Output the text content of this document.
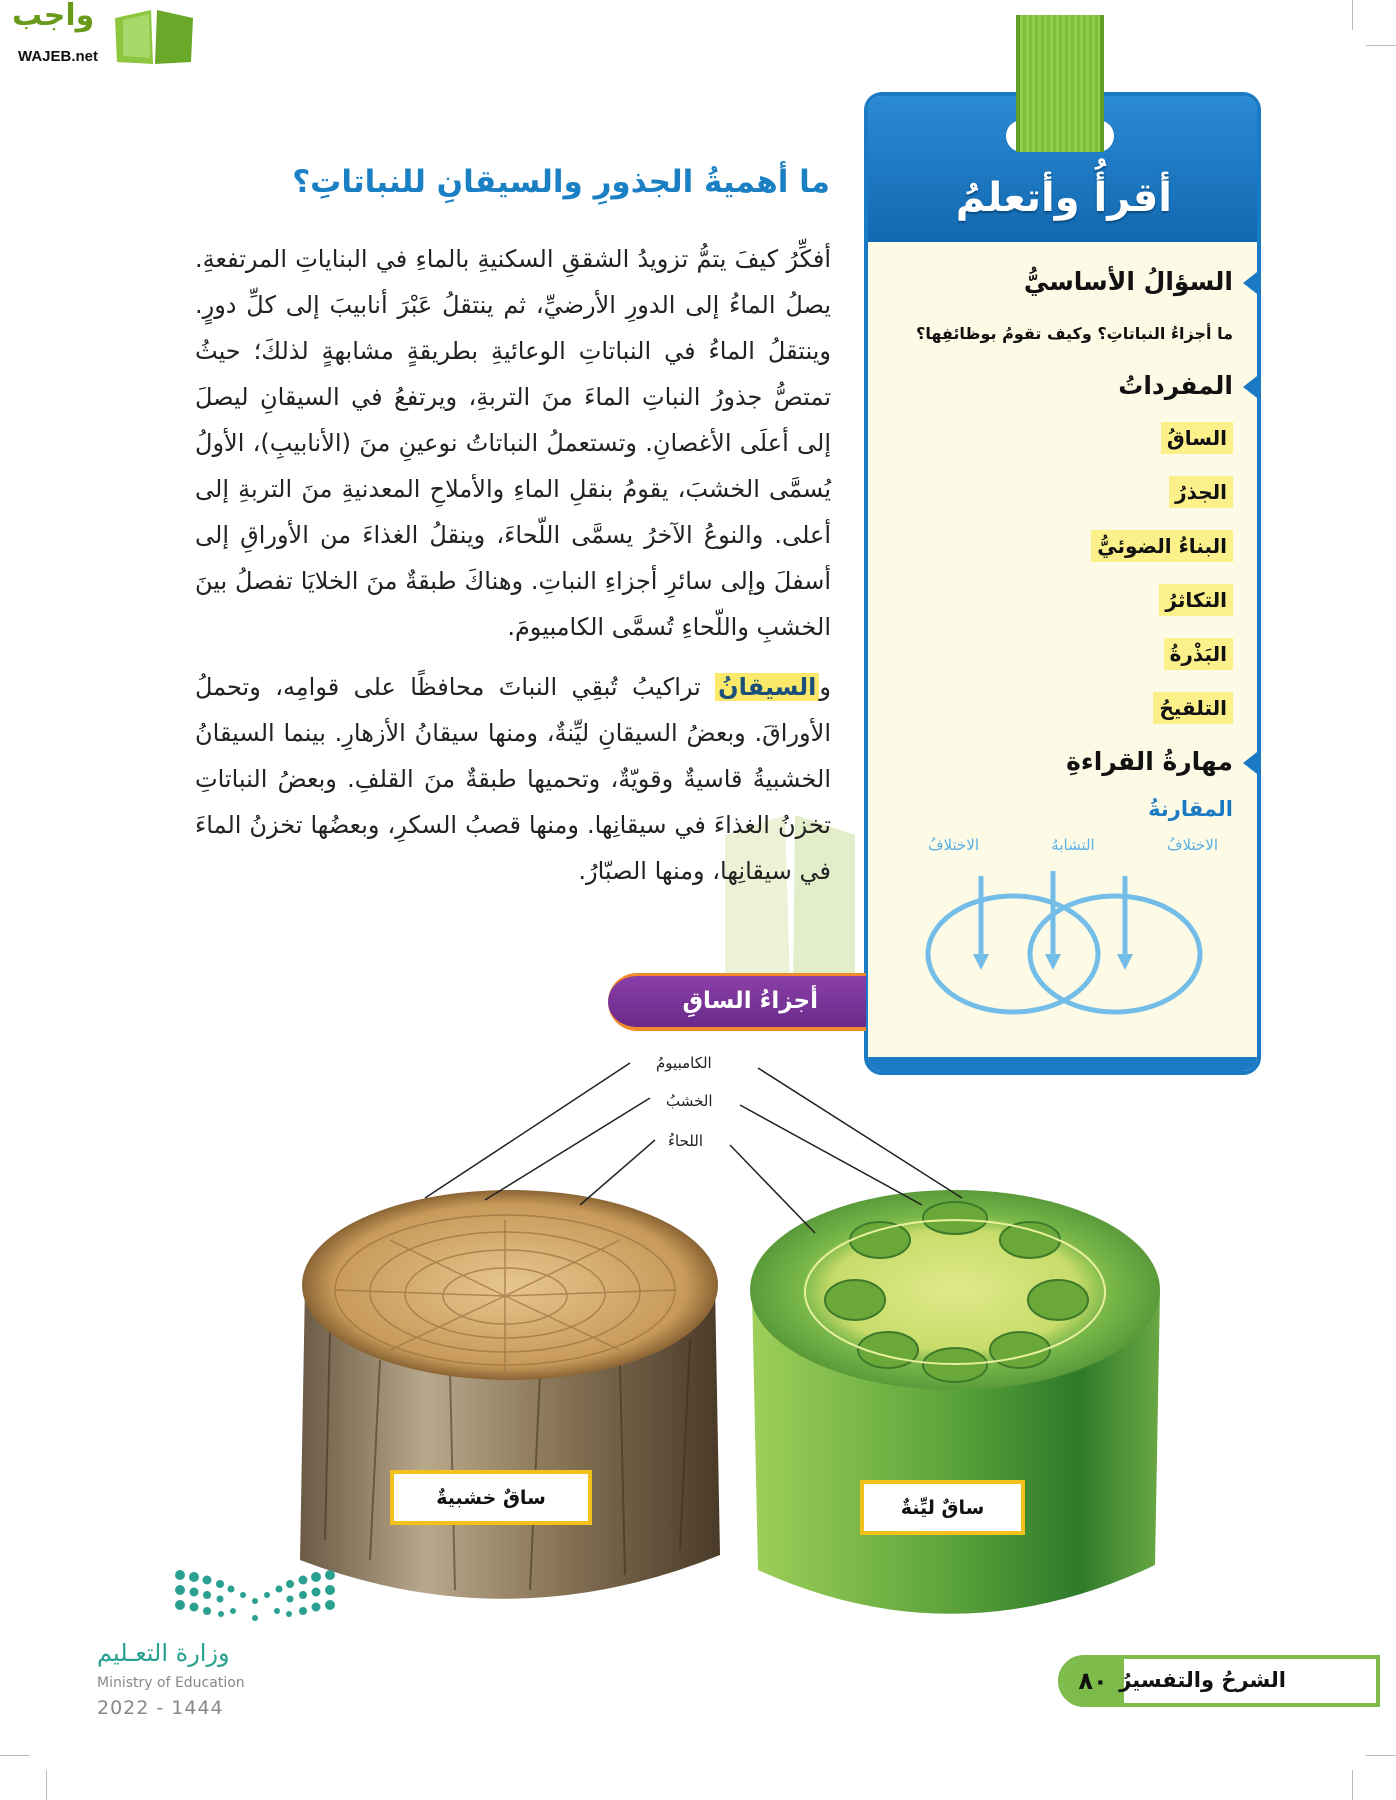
واجب
WAJEB.net
ما أهميةُ الجذورِ والسيقانِ للنباتاتِ؟

أفكِّرُ كيفَ يتمُّ تزويدُ الشققِ السكنيةِ بالماءِ في البناياتِ المرتفعةِ. يصلُ الماءُ إلى الدورِ الأرضيِّ، ثم ينتقلُ عَبْرَ أنابيبَ إلى كلِّ دورٍ. وينتقلُ الماءُ في النباتاتِ الوعائيةِ بطريقةٍ مشابهةٍ لذلكَ؛ حيثُ تمتصُّ جذورُ النباتِ الماءَ منَ التربةِ، ويرتفعُ في السيقانِ ليصلَ إلى أعلَى الأغصانِ. وتستعملُ النباتاتُ نوعينِ منَ (الأنابيبِ)، الأولُ يُسمَّى الخشبَ، يقومُ بنقلِ الماءِ والأملاحِ المعدنيةِ منَ التربةِ إلى أعلى. والنوعُ الآخرُ يسمَّى اللّحاءَ، وينقلُ الغذاءَ من الأوراقِ إلى أسفلَ وإلى سائرِ أجزاءِ النباتِ. وهناكَ طبقةٌ منَ الخلايَا تفصلُ بينَ الخشبِ واللّحاءِ تُسمَّى الكامبيومَ.

والسيقانُ تراكيبُ تُبقِي النباتَ محافظًا على قوامِه، وتحملُ الأوراقَ. وبعضُ السيقانِ ليِّنةٌ، ومنها سيقانُ الأزهارِ. بينما السيقانُ الخشبيةُ قاسيةٌ وقويّةٌ، وتحميها طبقةٌ منَ القلفِ. وبعضُ النباتاتِ تخزنُ الغذاءَ في سيقانِها. ومنها قصبُ السكرِ، وبعضُها تخزنُ الماءَ في سيقانِها، ومنها الصبّارُ.

أقرأُ وأتعلمُ
السؤالُ الأساسيُّ
ما أجزاءُ النباتاتِ؟ وكيف تقومُ بوظائفِها؟
المفرداتُ
الساقُ
الجذرُ
البناءُ الضوئيُّ
التكاثرُ
البَذْرةُ
التلقيحُ
مهارةُ القراءةِ
المقارنةُ
الاختلافُ
التشابهُ
الاختلافُ
أجزاءُ الساقِ
الكامبيومُ
الخشبُ
اللحاءُ
ساقٌ خشبيةٌ	ساقٌ ليِّنةٌ
وزارة التعـليم
Ministry of Education
2022 - 1444
٨٠ الشرحُ والتفسيرُ
